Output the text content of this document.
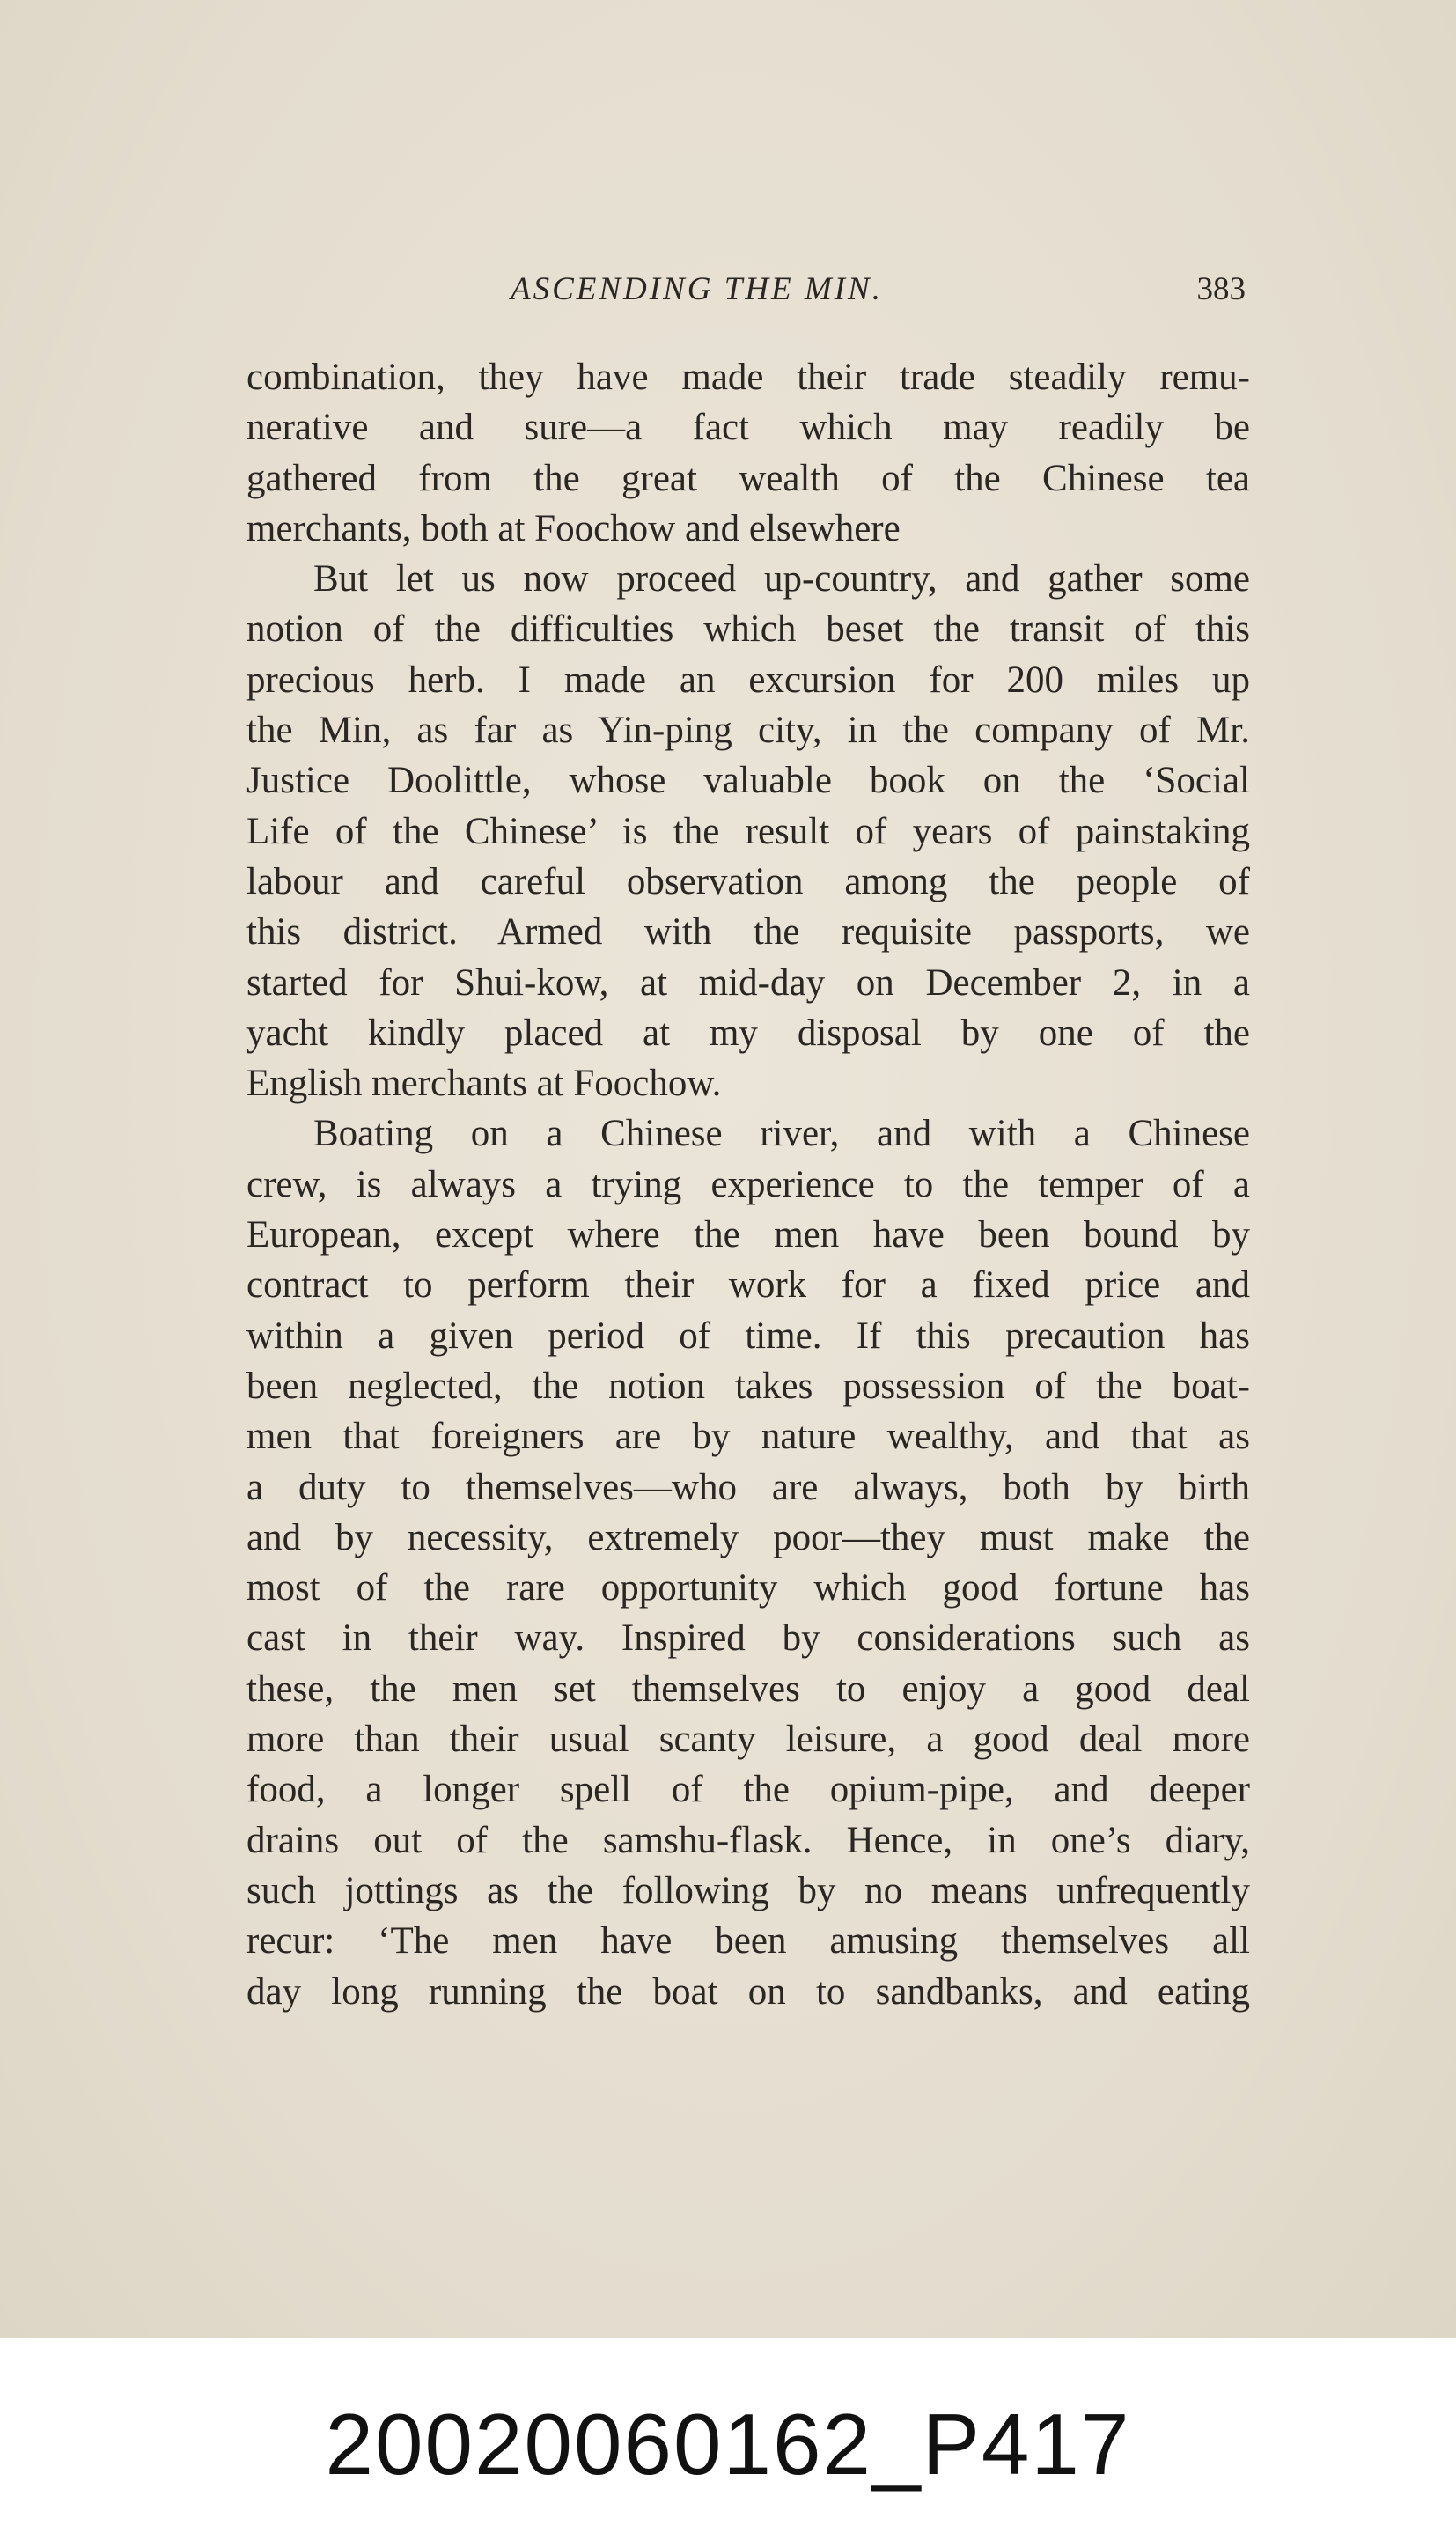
ASCENDING THE MIN.	383
combination, they have made their trade steadily remu-
nerative and sure—a fact which may readily be
gathered from the great wealth of the Chinese tea
merchants, both at Foochow and elsewhere
But let us now proceed up-country, and gather some
notion of the difficulties which beset the transit of this
precious herb. I made an excursion for 200 miles up
the Min, as far as Yin-ping city, in the company of Mr.
Justice Doolittle, whose valuable book on the ‘Social
Life of the Chinese’ is the result of years of painstaking
labour and careful observation among the people of
this district. Armed with the requisite passports, we
started for Shui-kow, at mid-day on December 2, in a
yacht kindly placed at my disposal by one of the
English merchants at Foochow.
Boating on a Chinese river, and with a Chinese
crew, is always a trying experience to the temper of a
European, except where the men have been bound by
contract to perform their work for a fixed price and
within a given period of time. If this precaution has
been neglected, the notion takes possession of the boat-
men that foreigners are by nature wealthy, and that as
a duty to themselves—who are always, both by birth
and by necessity, extremely poor—they must make the
most of the rare opportunity which good fortune has
cast in their way. Inspired by considerations such as
these, the men set themselves to enjoy a good deal
more than their usual scanty leisure, a good deal more
food, a longer spell of the opium-pipe, and deeper
drains out of the samshu-flask. Hence, in one’s diary,
such jottings as the following by no means unfrequently
recur: ‘The men have been amusing themselves all
day long running the boat on to sandbanks, and eating
20020060162_P417
